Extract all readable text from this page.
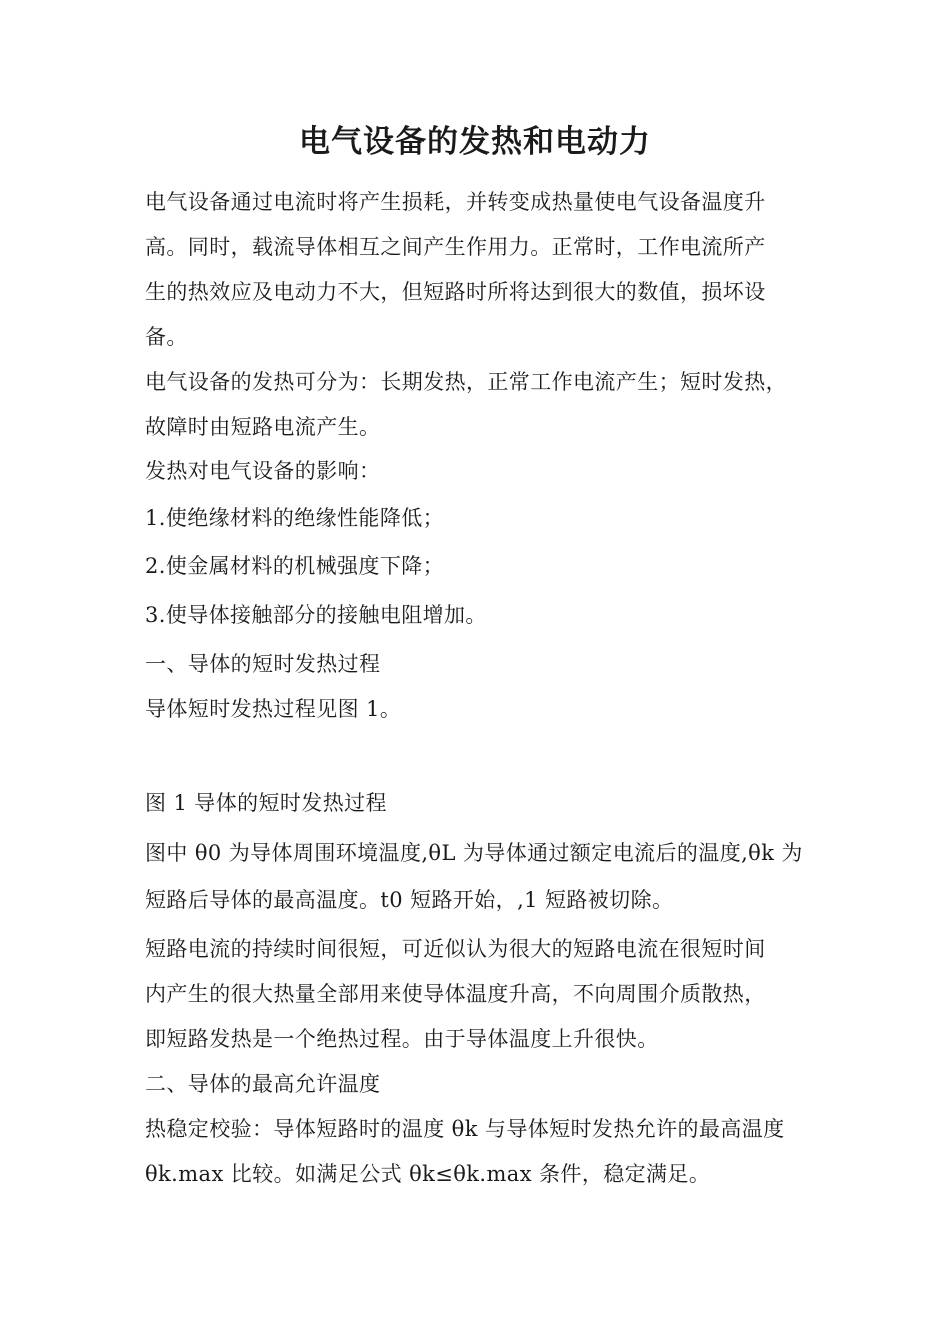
电气设备的发热和电动力

电气设备通过电流时将产生损耗，并转变成热量使电气设备温度升

高。同时，载流导体相互之间产生作用力。正常时，工作电流所产

生的热效应及电动力不大，但短路时所将达到很大的数值，损坏设

备。

电气设备的发热可分为：长期发热，正常工作电流产生；短时发热，

故障时由短路电流产生。

发热对电气设备的影响：

1.使绝缘材料的绝缘性能降低；

2.使金属材料的机械强度下降；

3.使导体接触部分的接触电阻增加。

一、导体的短时发热过程

导体短时发热过程见图 1。

图 1 导体的短时发热过程

图中 θ0 为导体周围环境温度,θL 为导体通过额定电流后的温度,θk 为

短路后导体的最高温度。t0 短路开始，,1 短路被切除。

短路电流的持续时间很短，可近似认为很大的短路电流在很短时间

内产生的很大热量全部用来使导体温度升高，不向周围介质散热，

即短路发热是一个绝热过程。由于导体温度上升很快。

二、导体的最高允许温度

热稳定校验：导体短路时的温度 θk 与导体短时发热允许的最高温度

θk.max 比较。如满足公式 θk≤θk.max 条件，稳定满足。
